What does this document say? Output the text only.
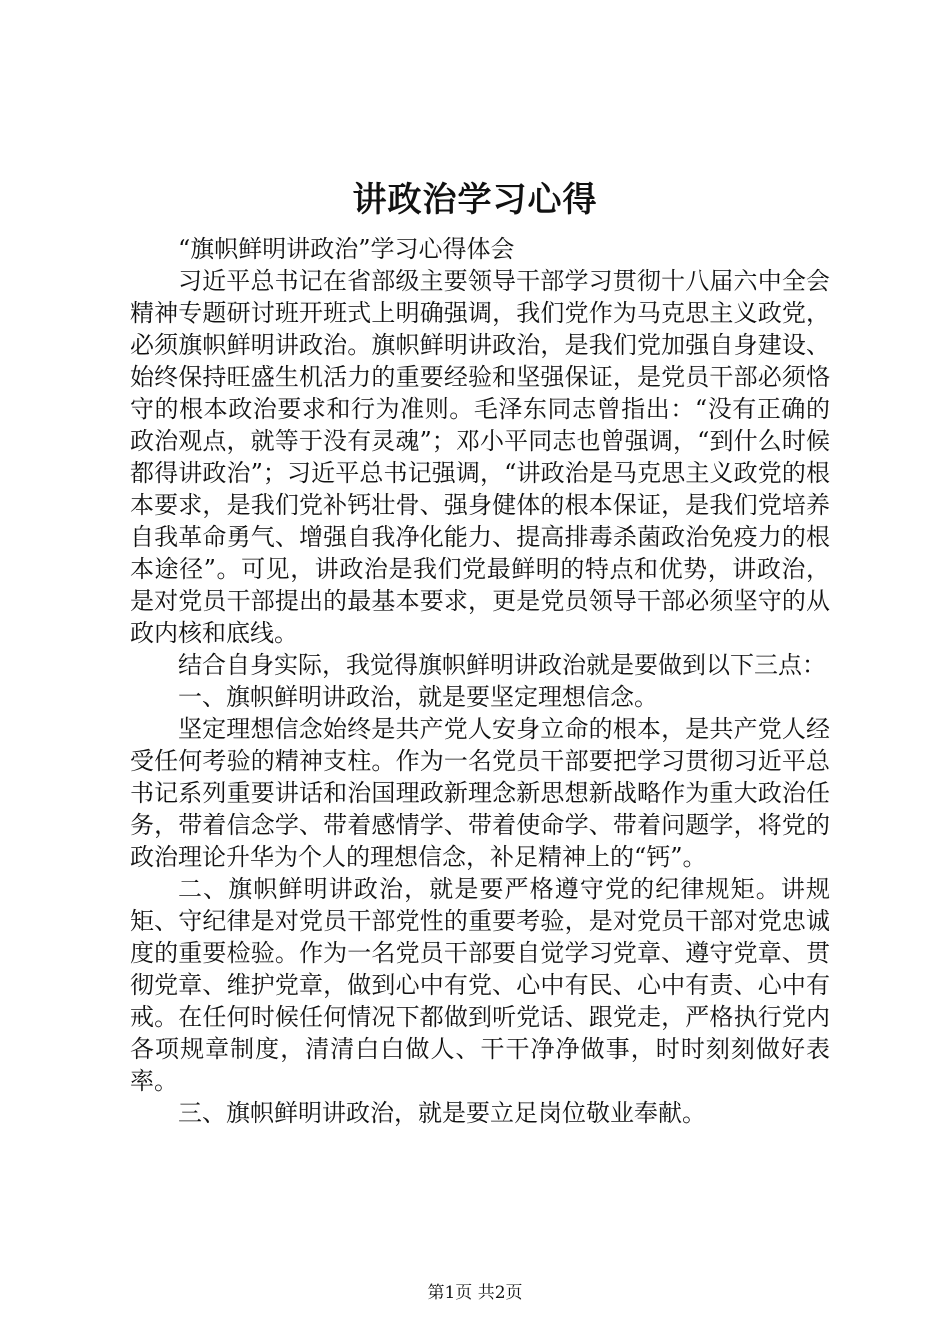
讲政治学习心得

“旗帜鲜明讲政治”学习心得体会

习近平总书记在省部级主要领导干部学习贯彻十八届六中全会精神专题研讨班开班式上明确强调，我们党作为马克思主义政党，必须旗帜鲜明讲政治。旗帜鲜明讲政治，是我们党加强自身建设、始终保持旺盛生机活力的重要经验和坚强保证，是党员干部必须恪守的根本政治要求和行为准则。毛泽东同志曾指出：“没有正确的政治观点，就等于没有灵魂”；邓小平同志也曾强调，“到什么时候都得讲政治”；习近平总书记强调，“讲政治是马克思主义政党的根本要求，是我们党补钙壮骨、强身健体的根本保证，是我们党培养自我革命勇气、增强自我净化能力、提高排毒杀菌政治免疫力的根本途径”。可见，讲政治是我们党最鲜明的特点和优势，讲政治，是对党员干部提出的最基本要求，更是党员领导干部必须坚守的从政内核和底线。

结合自身实际，我觉得旗帜鲜明讲政治就是要做到以下三点：

一、旗帜鲜明讲政治，就是要坚定理想信念。

坚定理想信念始终是共产党人安身立命的根本，是共产党人经受任何考验的精神支柱。作为一名党员干部要把学习贯彻习近平总书记系列重要讲话和治国理政新理念新思想新战略作为重大政治任务，带着信念学、带着感情学、带着使命学、带着问题学，将党的政治理论升华为个人的理想信念，补足精神上的“钙”。

二、旗帜鲜明讲政治，就是要严格遵守党的纪律规矩。讲规矩、守纪律是对党员干部党性的重要考验，是对党员干部对党忠诚度的重要检验。作为一名党员干部要自觉学习党章、遵守党章、贯彻党章、维护党章，做到心中有党、心中有民、心中有责、心中有戒。在任何时候任何情况下都做到听党话、跟党走，严格执行党内各项规章制度，清清白白做人、干干净净做事，时时刻刻做好表率。

三、旗帜鲜明讲政治，就是要立足岗位敬业奉献。

第1页 共2页
